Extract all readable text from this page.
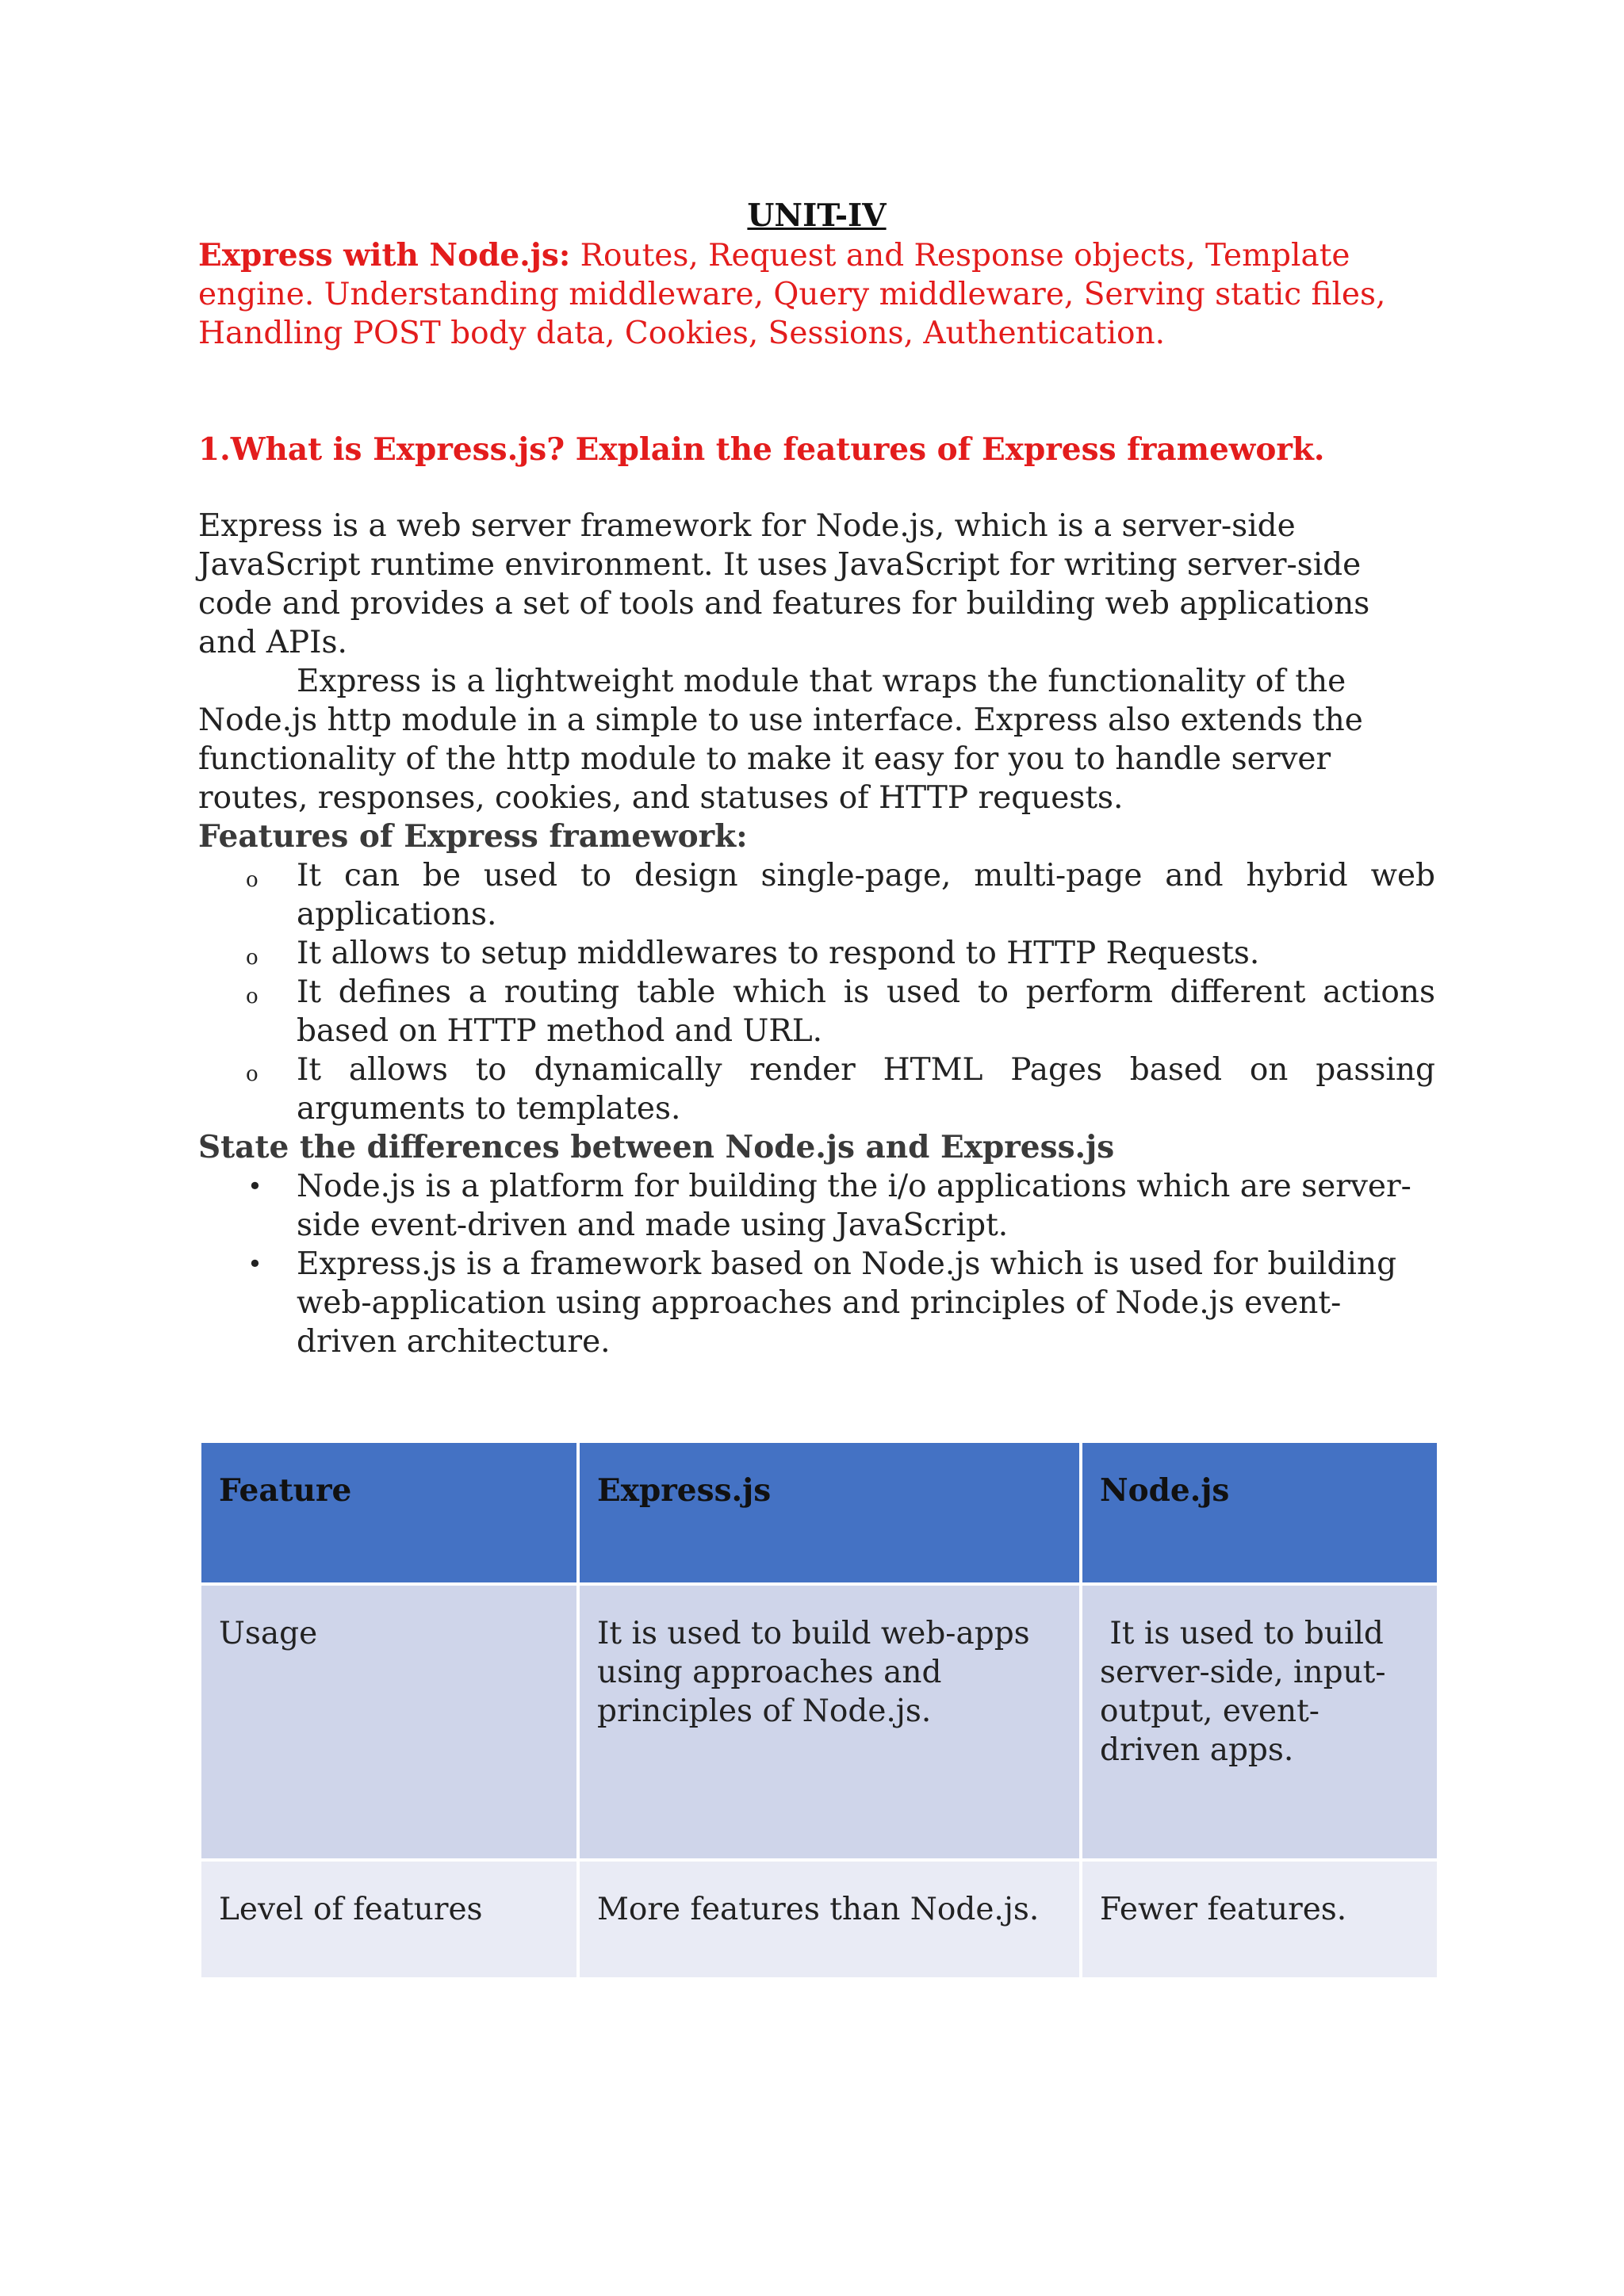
UNIT-IV
Express with Node.js: Routes, Request and Response objects, Template engine. Understanding middleware, Query middleware, Serving static files, Handling POST body data, Cookies, Sessions, Authentication.
1.What is Express.js? Explain the features of Express framework.
Express is a web server framework for Node.js, which is a server-side JavaScript runtime environment. It uses JavaScript for writing server-side code and provides a set of tools and features for building web applications and APIs.
Express is a lightweight module that wraps the functionality of the Node.js http module in a simple to use interface. Express also extends the functionality of the http module to make it easy for you to handle server routes, responses, cookies, and statuses of HTTP requests.
Features of Express framework:
o It can be used to design single-page, multi-page and hybrid web applications.
o It allows to setup middlewares to respond to HTTP Requests.
o It defines a routing table which is used to perform different actions based on HTTP method and URL.
o It allows to dynamically render HTML Pages based on passing arguments to templates.
State the differences between Node.js and Express.js
• Node.js is a platform for building the i/o applications which are server-side event-driven and made using JavaScript.
• Express.js is a framework based on Node.js which is used for building web-application using approaches and principles of Node.js event-driven architecture.
Feature	Express.js	Node.js
Usage	It is used to build web-apps using approaches and principles of Node.js.	It is used to build server-side, input-output, event-driven apps.
Level of features	More features than Node.js.	Fewer features.
